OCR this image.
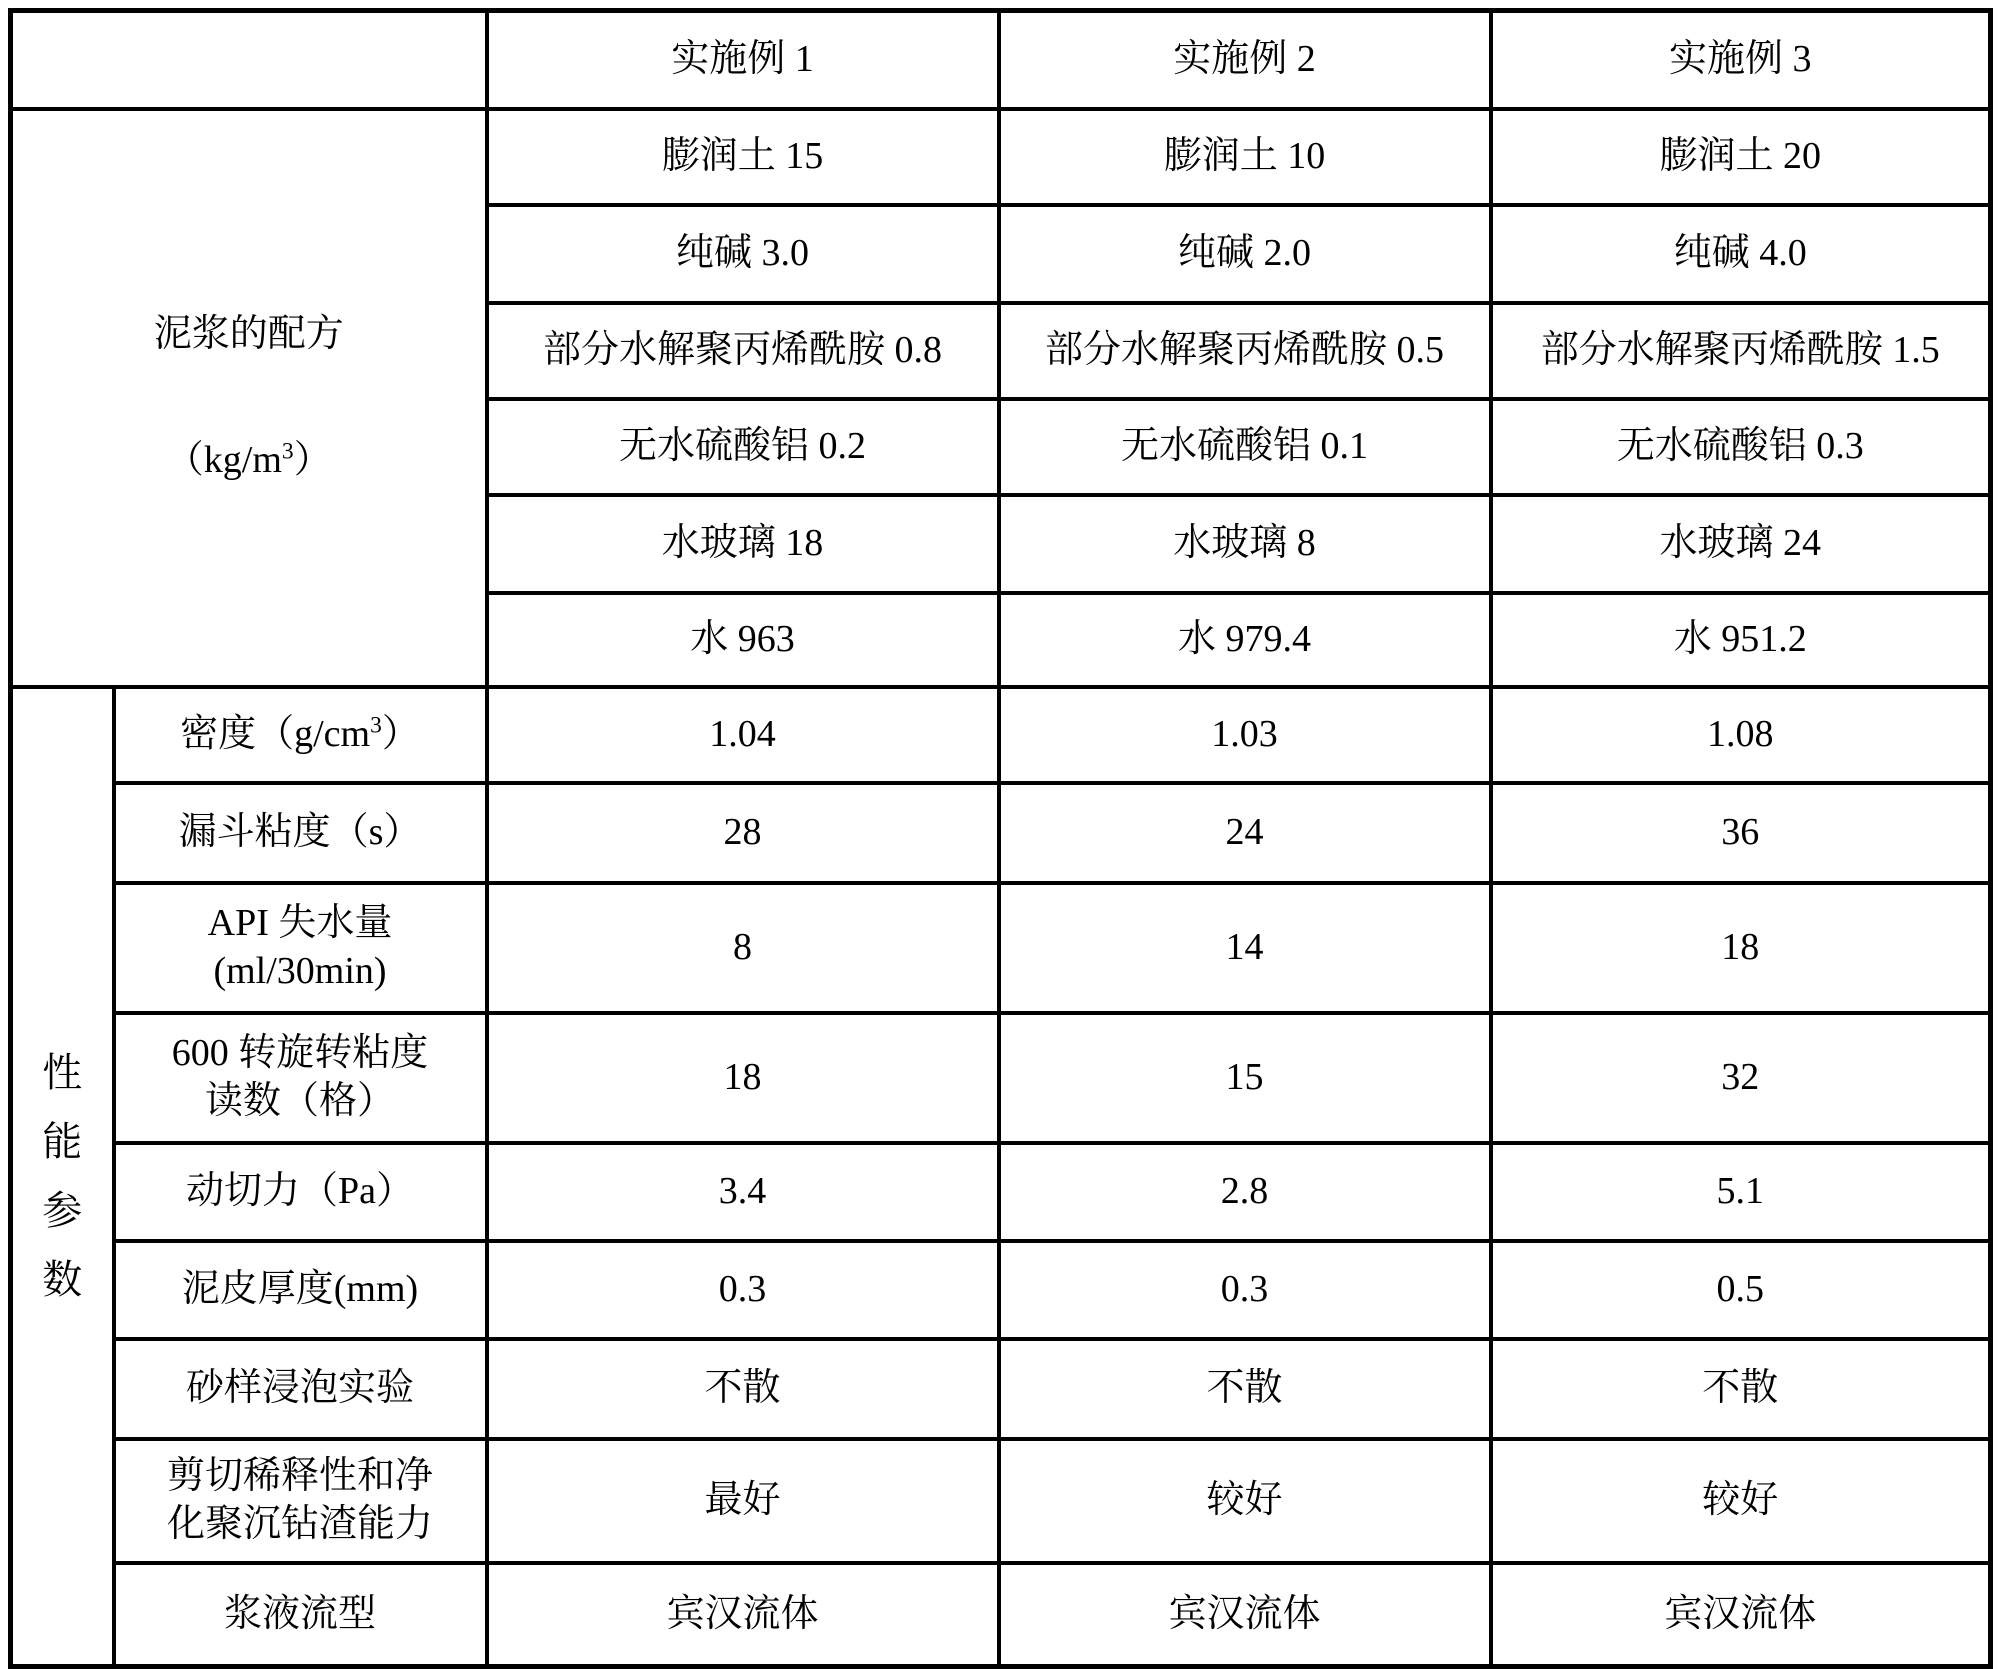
		实施例 1	实施例 2	实施例 3

泥浆的配方
$(kg/m^3)$		膨润土 15	膨润土 10	膨润土 20
		纯碱 3.0	纯碱 2.0	纯碱 4.0
		部分水解聚丙烯酰胺 0.8	部分水解聚丙烯酰胺 0.5	部分水解聚丙烯酰胺 1.5
		无水硫酸铝 0.2	无水硫酸铝 0.1	无水硫酸铝 0.3
		水玻璃 18	水玻璃 8	水玻璃 24
		水 963	水 979.4	水 951.2

性
能
参
数	密度$(g/cm^3)$	1.04	1.03	1.08

	漏斗粘度（s）	28	24	36

	API 失水量
(ml/30min)	8	14	18

	600 转旋转粘度
读数（格）	18	15	32

	动切力（Pa）	3.4	2.8	5.1

	泥皮厚度(mm)	0.3	0.3	0.5

	砂样浸泡实验	不散	不散	不散

	剪切稀释性和净
化聚沉钻渣能力	最好	较好	较好

	浆液流型	宾汉流体	宾汉流体	宾汉流体
